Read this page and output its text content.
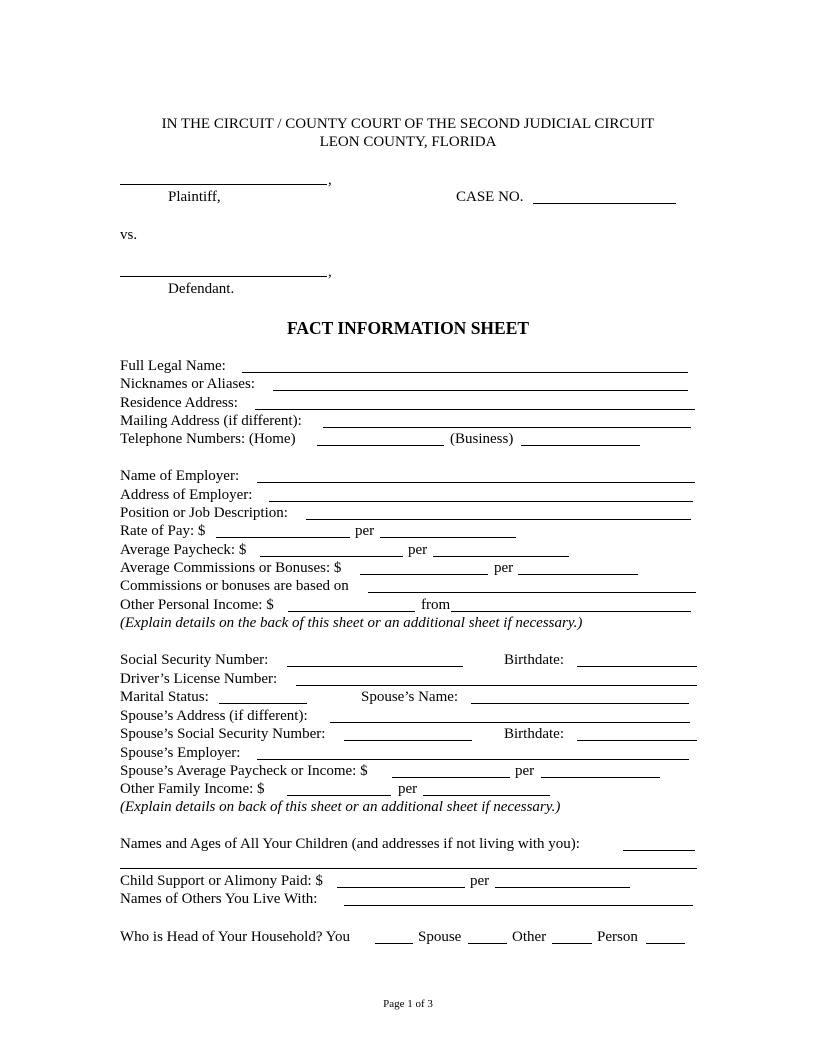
IN THE CIRCUIT / COUNTY COURT OF THE SECOND JUDICIAL CIRCUIT
LEON COUNTY, FLORIDA
,
Plaintiff,	CASE NO.
vs.
,
Defendant.
FACT INFORMATION SHEET
Full Legal Name:
Nicknames or Aliases:
Residence Address:
Mailing Address (if different):
Telephone Numbers: (Home)	(Business)
Name of Employer:
Address of Employer:
Position or Job Description:
Rate of Pay: $	per
Average Paycheck: $	per
Average Commissions or Bonuses: $	per
Commissions or bonuses are based on
Other Personal Income: $	from
(Explain details on the back of this sheet or an additional sheet if necessary.)
Social Security Number:	Birthdate:
Driver’s License Number:
Marital Status:	Spouse’s Name:
Spouse’s Address (if different):
Spouse’s Social Security Number:	Birthdate:
Spouse’s Employer:
Spouse’s Average Paycheck or Income: $	per
Other Family Income: $	per
(Explain details on back of this sheet or an additional sheet if necessary.)
Names and Ages of All Your Children (and addresses if not living with you):
Child Support or Alimony Paid: $	per
Names of Others You Live With:
Who is Head of Your Household? You	Spouse	Other	Person
Page 1 of 3
